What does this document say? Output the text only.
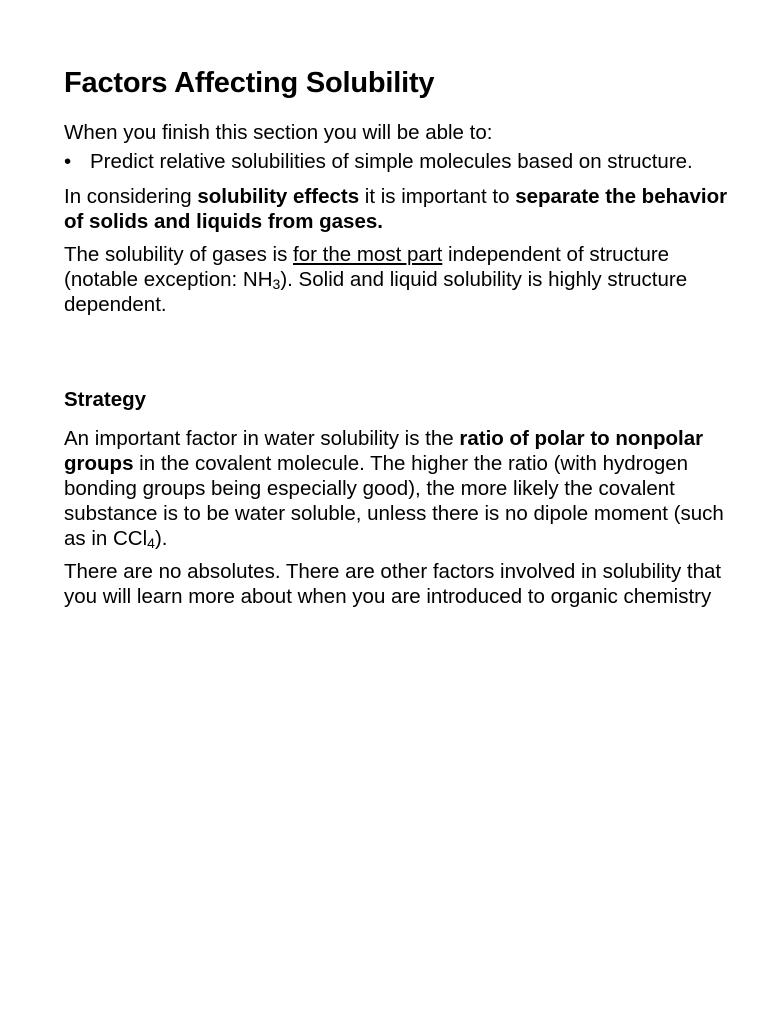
Factors Affecting Solubility

When you finish this section you will be able to:

• Predict relative solubilities of simple molecules based on structure.

In considering solubility effects it is important to separate the behavior of solids and liquids from gases.

The solubility of gases is for the most part independent of structure (notable exception: $NH_3$). Solid and liquid solubility is highly structure dependent.

Strategy

An important factor in water solubility is the ratio of polar to nonpolar groups in the covalent molecule. The higher the ratio (with hydrogen bonding groups being especially good), the more likely the covalent substance is to be water soluble, unless there is no dipole moment (such as in CCl$_4$).

There are no absolutes. There are other factors involved in solubility that you will learn more about when you are introduced to organic chemistry
